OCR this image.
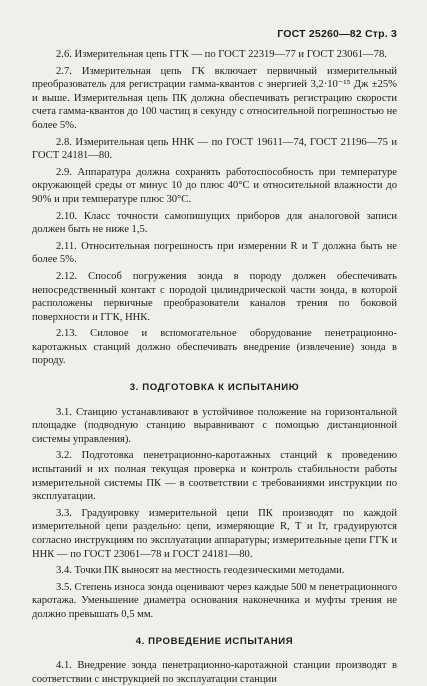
ГОСТ 25260—82 Стр. 3

2.6. Измерительная цепь ГГК — по ГОСТ 22319—77 и ГОСТ 23061—78.

2.7. Измерительная цепь ГК включает первичный измерительный преобразователь для регистрации гамма-квантов с энергией 3,2·10⁻¹⁵ Дж ±25% и выше. Измерительная цепь ПК должна обеспечивать регистрацию скорости счета гамма-квантов до 100 частиц в секунду с относительной погрешностью не более 5%.

2.8. Измерительная цепь ННК — по ГОСТ 19611—74, ГОСТ 21196—75 и ГОСТ 24181—80.

2.9. Аппаратура должна сохранять работоспособность при температуре окружающей среды от минус 10 до плюс 40°С и относительной влажности до 90% и при температуре плюс 30°С.

2.10. Класс точности самопишущих приборов для аналоговой записи должен быть не ниже 1,5.

2.11. Относительная погрешность при измерении R и T должна быть не более 5%.

2.12. Способ погружения зонда в породу должен обеспечивать непосредственный контакт с породой цилиндрической части зонда, в которой расположены первичные преобразователи каналов трения по боковой поверхности и ГГК, ННК.

2.13. Силовое и вспомогательное оборудование пенетрационно-каротажных станций должно обеспечивать внедрение (извлечение) зонда в породу.

3. ПОДГОТОВКА К ИСПЫТАНИЮ

3.1. Станцию устанавливают в устойчивое положение на горизонтальной площадке (подводную станцию выравнивают с помощью дистанционной системы управления).

3.2. Подготовка пенетрационно-каротажных станций к проведению испытаний и их полная текущая проверка и контроль стабильности работы измерительной системы ПК — в соответствии с требованиями инструкции по эксплуатации.

3.3. Градуировку измерительной цепи ПК производят по каждой измерительной цепи раздельно: цепи, измеряющие R, T и Iт, градуируются согласно инструкциям по эксплуатации аппаратуры; измерительные цепи ГГК и ННК — по ГОСТ 23061—78 и ГОСТ 24181—80.

3.4. Точки ПК выносят на местность геодезическими методами.

3.5. Степень износа зонда оценивают через каждые 500 м пенетрационного каротажа. Уменьшение диаметра основания наконечника и муфты трения не должно превышать 0,5 мм.

4. ПРОВЕДЕНИЕ ИСПЫТАНИЯ

4.1. Внедрение зонда пенетрационно-каротажной станции производят в соответствии с инструкцией по эксплуатации станции
